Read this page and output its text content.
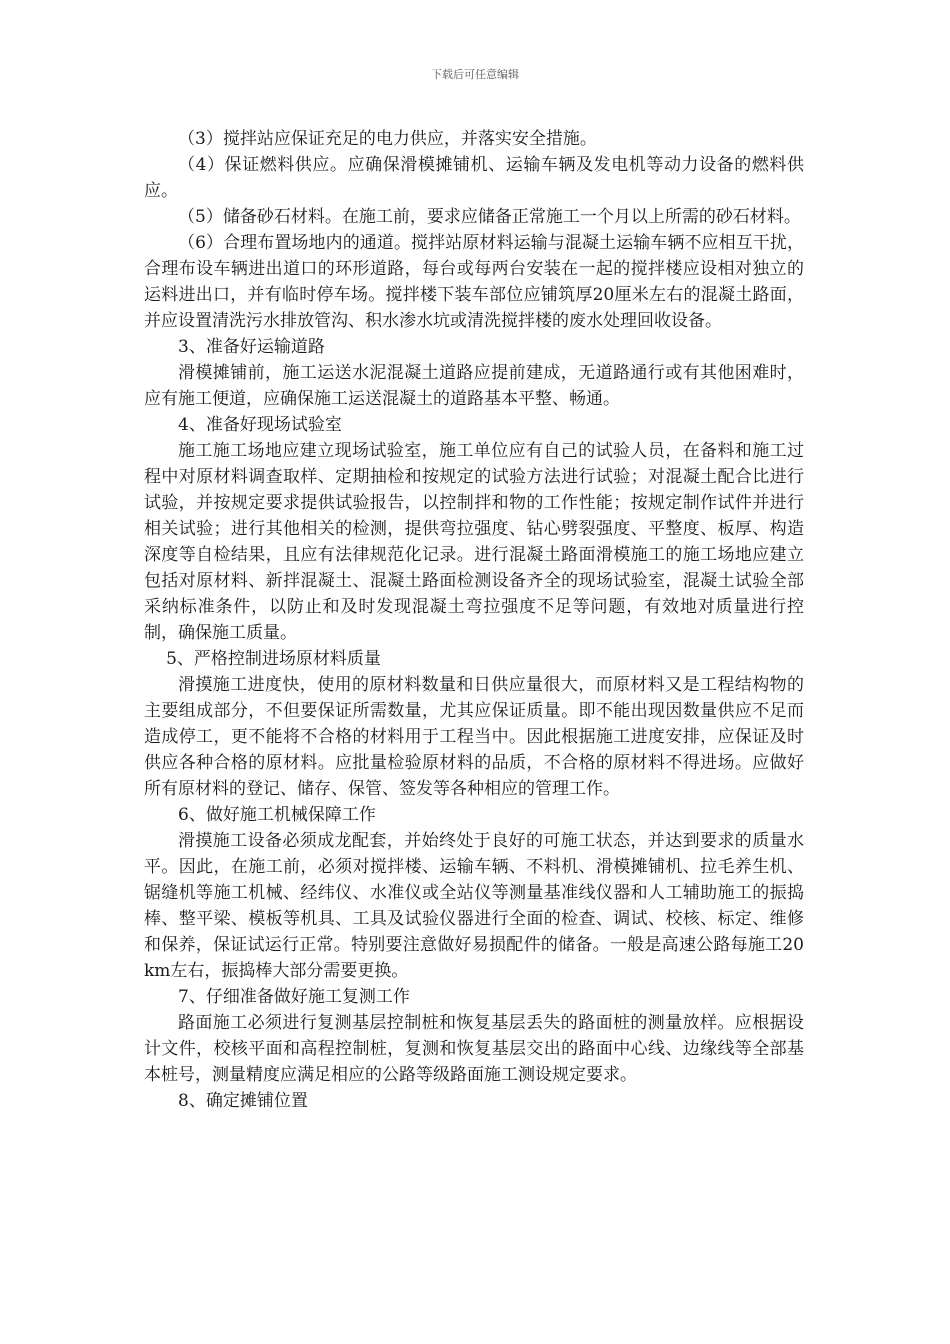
下载后可任意编辑

（3）搅拌站应保证充足的电力供应，并落实安全措施。

（4）保证燃料供应。应确保滑模摊铺机、运输车辆及发电机等动力设备的燃料供应。

（5）储备砂石材料。在施工前，要求应储备正常施工一个月以上所需的砂石材料。

（6）合理布置场地内的通道。搅拌站原材料运输与混凝土运输车辆不应相互干扰，合理布设车辆进出道口的环形道路，每台或每两台安装在一起的搅拌楼应设相对独立的运料进出口，并有临时停车场。搅拌楼下装车部位应铺筑厚20厘米左右的混凝土路面，并应设置清洗污水排放管沟、积水渗水坑或清洗搅拌楼的废水处理回收设备。

3、准备好运输道路

滑模摊铺前，施工运送水泥混凝土道路应提前建成，无道路通行或有其他困难时，应有施工便道，应确保施工运送混凝土的道路基本平整、畅通。

4、准备好现场试验室

施工施工场地应建立现场试验室，施工单位应有自己的试验人员，在备料和施工过程中对原材料调查取样、定期抽检和按规定的试验方法进行试验；对混凝土配合比进行试验，并按规定要求提供试验报告，以控制拌和物的工作性能；按规定制作试件并进行相关试验；进行其他相关的检测，提供弯拉强度、钻心劈裂强度、平整度、板厚、构造深度等自检结果，且应有法律规范化记录。进行混凝土路面滑模施工的施工场地应建立包括对原材料、新拌混凝土、混凝土路面检测设备齐全的现场试验室，混凝土试验全部采纳标准条件，以防止和及时发现混凝土弯拉强度不足等问题，有效地对质量进行控制，确保施工质量。

5、严格控制进场原材料质量

滑摸施工进度快，使用的原材料数量和日供应量很大，而原材料又是工程结构物的主要组成部分，不但要保证所需数量，尤其应保证质量。即不能出现因数量供应不足而造成停工，更不能将不合格的材料用于工程当中。因此根据施工进度安排，应保证及时供应各种合格的原材料。应批量检验原材料的品质，不合格的原材料不得进场。应做好所有原材料的登记、储存、保管、签发等各种相应的管理工作。

6、做好施工机械保障工作

滑摸施工设备必须成龙配套，并始终处于良好的可施工状态，并达到要求的质量水平。因此，在施工前，必须对搅拌楼、运输车辆、不料机、滑模摊铺机、拉毛养生机、锯缝机等施工机械、经纬仪、水准仪或全站仪等测量基准线仪器和人工辅助施工的振捣棒、整平梁、模板等机具、工具及试验仪器进行全面的检查、调试、校核、标定、维修和保养，保证试运行正常。特别要注意做好易损配件的储备。一般是高速公路每施工20km左右，振捣棒大部分需要更换。

7、仔细准备做好施工复测工作

路面施工必须进行复测基层控制桩和恢复基层丢失的路面桩的测量放样。应根据设计文件，校核平面和高程控制桩，复测和恢复基层交出的路面中心线、边缘线等全部基本桩号，测量精度应满足相应的公路等级路面施工测设规定要求。

8、确定摊铺位置
